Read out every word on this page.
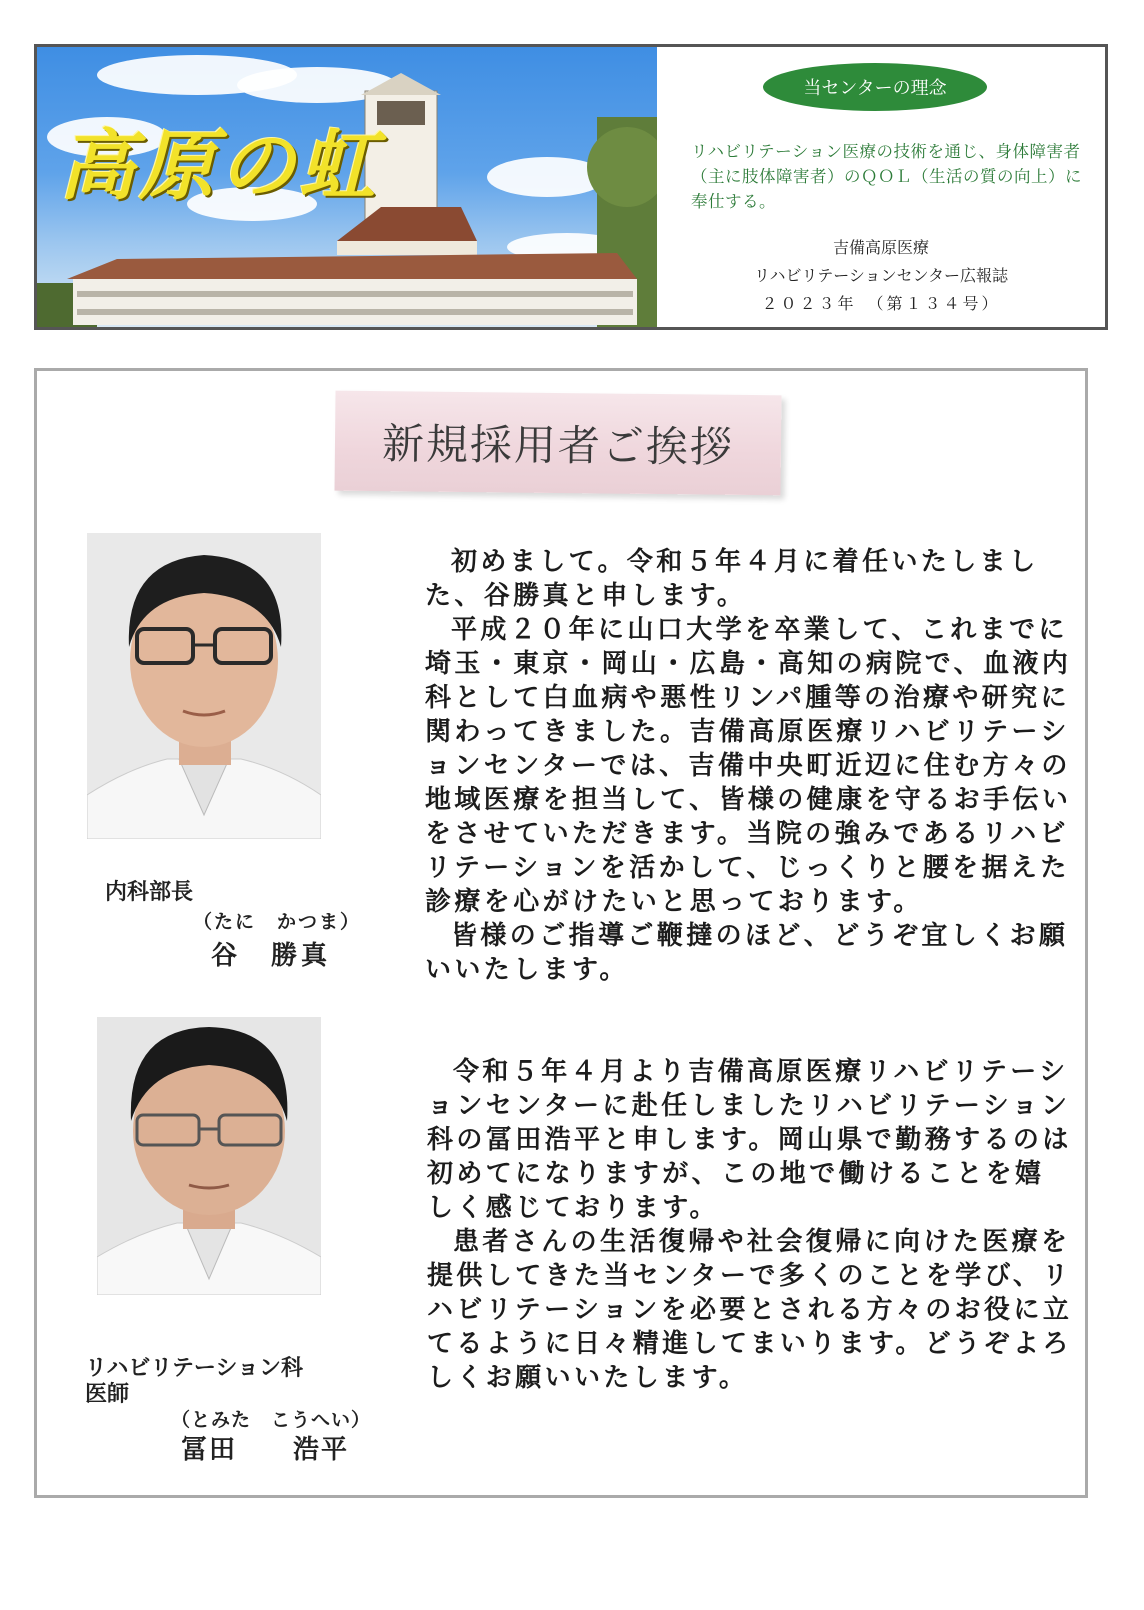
高原の虹
当センターの理念
リハビリテーション医療の技術を通じ、身体障害者（主に肢体障害者）のＱＯＬ（生活の質の向上）に奉仕する。
吉備高原医療
リハビリテーションセンター広報誌
２０２３年　（第１３４号）
新規採用者ご挨拶
内科部長
（たに　かつま）
谷　勝真

初めまして。令和５年４月に着任いたしました、谷勝真と申します。

平成２０年に山口大学を卒業して、これまでに埼玉・東京・岡山・広島・高知の病院で、血液内科として白血病や悪性リンパ腫等の治療や研究に関わってきました。吉備高原医療リハビリテーションセンターでは、吉備中央町近辺に住む方々の地域医療を担当して、皆様の健康を守るお手伝いをさせていただきます。当院の強みであるリハビリテーションを活かして、じっくりと腰を据えた診療を心がけたいと思っております。

皆様のご指導ご鞭撻のほど、どうぞ宜しくお願いいたします。

リハビリテーション科
医師
（とみた　こうへい）
冨田　　浩平

令和５年４月より吉備高原医療リハビリテーションセンターに赴任しましたリハビリテーション科の冨田浩平と申します。岡山県で勤務するのは初めてになりますが、この地で働けることを嬉しく感じております。

患者さんの生活復帰や社会復帰に向けた医療を提供してきた当センターで多くのことを学び、リハビリテーションを必要とされる方々のお役に立てるように日々精進してまいります。どうぞよろしくお願いいたします。
